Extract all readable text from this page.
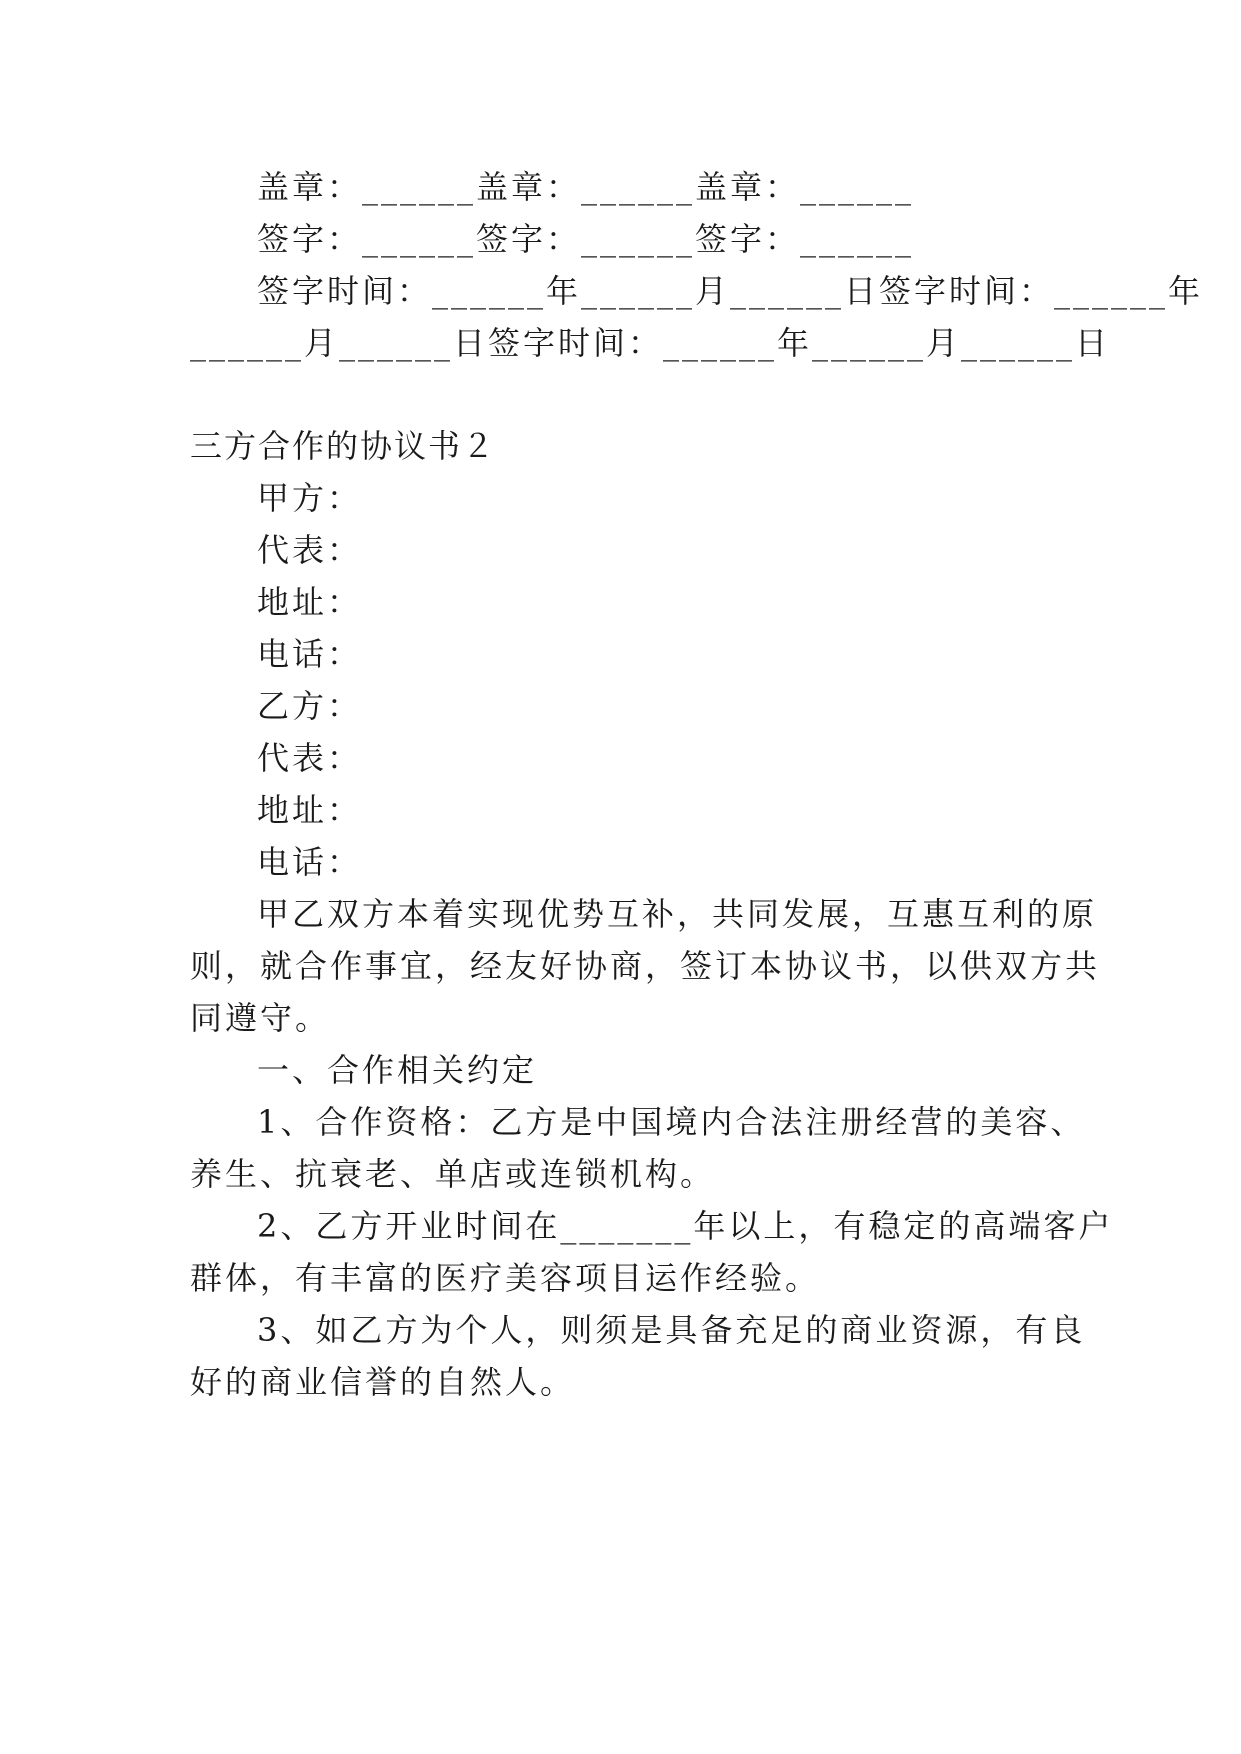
盖章：______盖章：______盖章：______

签字：______签字：______签字：______

签字时间：______年______月______日签字时间：______年

______月______日签字时间：______年______月______日

三方合作的协议书２

甲方：

代表：

地址：

电话：

乙方：

代表：

地址：

电话：

甲乙双方本着实现优势互补，共同发展，互惠互利的原

则，就合作事宜，经友好协商，签订本协议书，以供双方共

同遵守。

一、合作相关约定

1、合作资格：乙方是中国境内合法注册经营的美容、

养生、抗衰老、单店或连锁机构。

2、乙方开业时间在_______年以上，有稳定的高端客户

群体，有丰富的医疗美容项目运作经验。

3、如乙方为个人，则须是具备充足的商业资源，有良

好的商业信誉的自然人。
